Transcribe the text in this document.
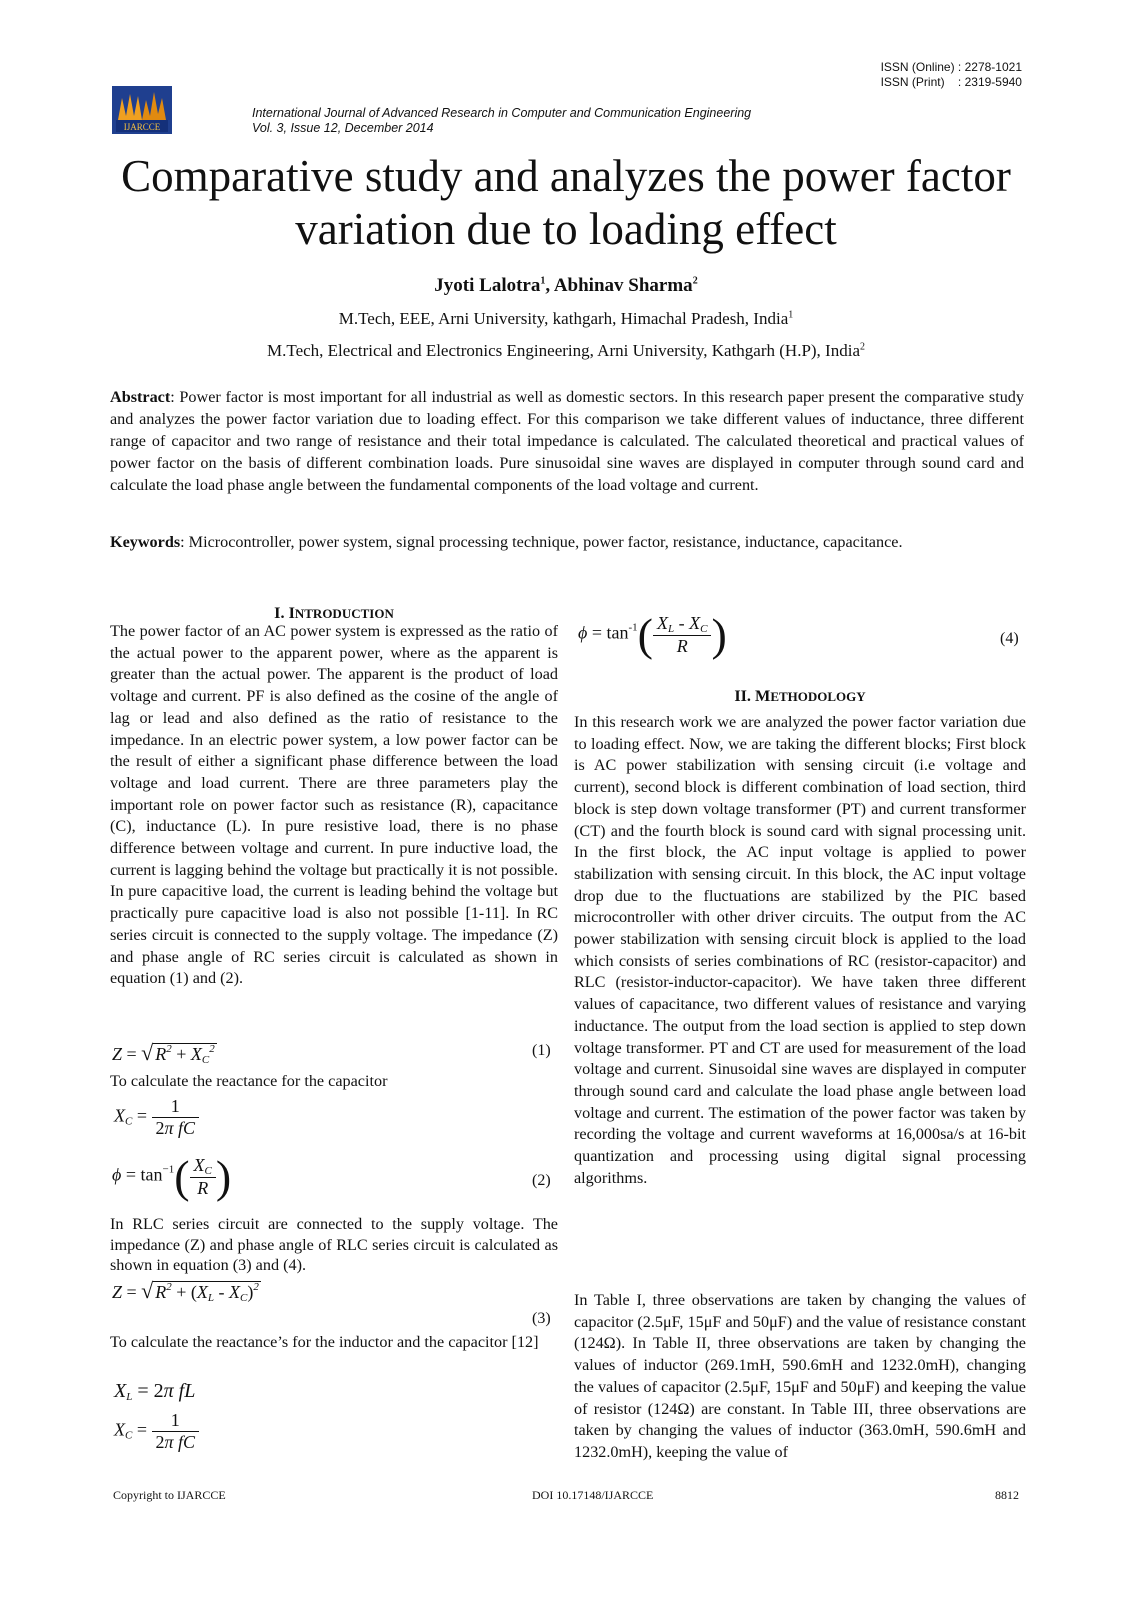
ISSN (Online) : 2278-1021
ISSN (Print)    : 2319-5940
IJARCCE
International Journal of Advanced Research in Computer and Communication Engineering
Vol. 3, Issue 12, December 2014
Comparative study and analyzes the power factor
variation due to loading effect
Jyoti Lalotra$^1$, Abhinav Sharma$^2$
M.Tech, EEE, Arni University, kathgarh, Himachal Pradesh, India$^1$
M.Tech, Electrical and Electronics Engineering, Arni University, Kathgarh (H.P), India$^2$
Abstract: Power factor is most important for all industrial as well as domestic sectors. In this research paper present the comparative study and analyzes the power factor variation due to loading effect. For this comparison we take different values of inductance, three different range of capacitor and two range of resistance and their total impedance is calculated. The calculated theoretical and practical values of power factor on the basis of different combination loads. Pure sinusoidal sine waves are displayed in computer through sound card and calculate the load phase angle between the fundamental components of the load voltage and current.
Keywords: Microcontroller, power system, signal processing technique, power factor, resistance, inductance, capacitance.
I. INTRODUCTION
The power factor of an AC power system is expressed as the ratio of the actual power to the apparent power, where as the apparent is greater than the actual power. The apparent is the product of load voltage and current. PF is also defined as the cosine of the angle of lag or lead and also defined as the ratio of resistance to the impedance. In an electric power system, a low power factor can be the result of either a significant phase difference between the load voltage and load current. There are three parameters play the important role on power factor such as resistance (R), capacitance (C), inductance (L). In pure resistive load, there is no phase difference between voltage and current. In pure inductive load, the current is lagging behind the voltage but practically it is not possible. In pure capacitive load, the current is leading behind the voltage but practically pure capacitive load is also not possible [1-11]. In RC series circuit is connected to the supply voltage. The impedance (Z) and phase angle of RC series circuit is calculated as shown in equation (1) and (2).
Z = √ $R^2 + X_C^2$	(1)
To calculate the reactance for the capacitor
$X_C = \frac{1}{\text{2π fC}}$
$\phi = \tan^{-1}( \frac{X_C}{R}$ )	(2)
In RLC series circuit are connected to the supply voltage. The impedance (Z) and phase angle of RLC series circuit is calculated as shown in equation (3) and (4).
Z = √ $R^2 + (X_L - X_C)^2$
(3)
To calculate the reactance’s for the inductor and the capacitor [12]
$X_L = 2\pi$ fL
$X_C = \frac{1}{\text{2π fC}}$
$\phi = \tan^{-1}( \frac{X_L - X_C}{R}$ )	(4)
II. METHODOLOGY
In this research work we are analyzed the power factor variation due to loading effect. Now, we are taking the different blocks; First block is AC power stabilization with sensing circuit (i.e voltage and current), second block is different combination of load section, third block is step down voltage transformer (PT) and current transformer (CT) and the fourth block is sound card with signal processing unit. In the first block, the AC input voltage is applied to power stabilization with sensing circuit. In this block, the AC input voltage drop due to the fluctuations are stabilized by the PIC based microcontroller with other driver circuits. The output from the AC power stabilization with sensing circuit block is applied to the load which consists of series combinations of RC (resistor-capacitor) and RLC (resistor-inductor-capacitor). We have taken three different values of capacitance, two different values of resistance and varying inductance. The output from the load section is applied to step down voltage transformer. PT and CT are used for measurement of the load voltage and current. Sinusoidal sine waves are displayed in computer through sound card and calculate the load phase angle between load voltage and current. The estimation of the power factor was taken by recording the voltage and current waveforms at 16,000sa/s at 16-bit quantization and processing using digital signal processing algorithms.
In Table I, three observations are taken by changing the values of capacitor (2.5μF, 15μF and 50μF) and the value of resistance constant (124Ω). In Table II, three observations are taken by changing the values of inductor (269.1mH, 590.6mH and 1232.0mH), changing the values of capacitor (2.5μF, 15μF and 50μF) and keeping the value of resistor (124Ω) are constant. In Table III, three observations are taken by changing the values of inductor (363.0mH, 590.6mH and 1232.0mH), keeping the value of
Copyright to IJARCCE	DOI 10.17148/IJARCCE	8812
